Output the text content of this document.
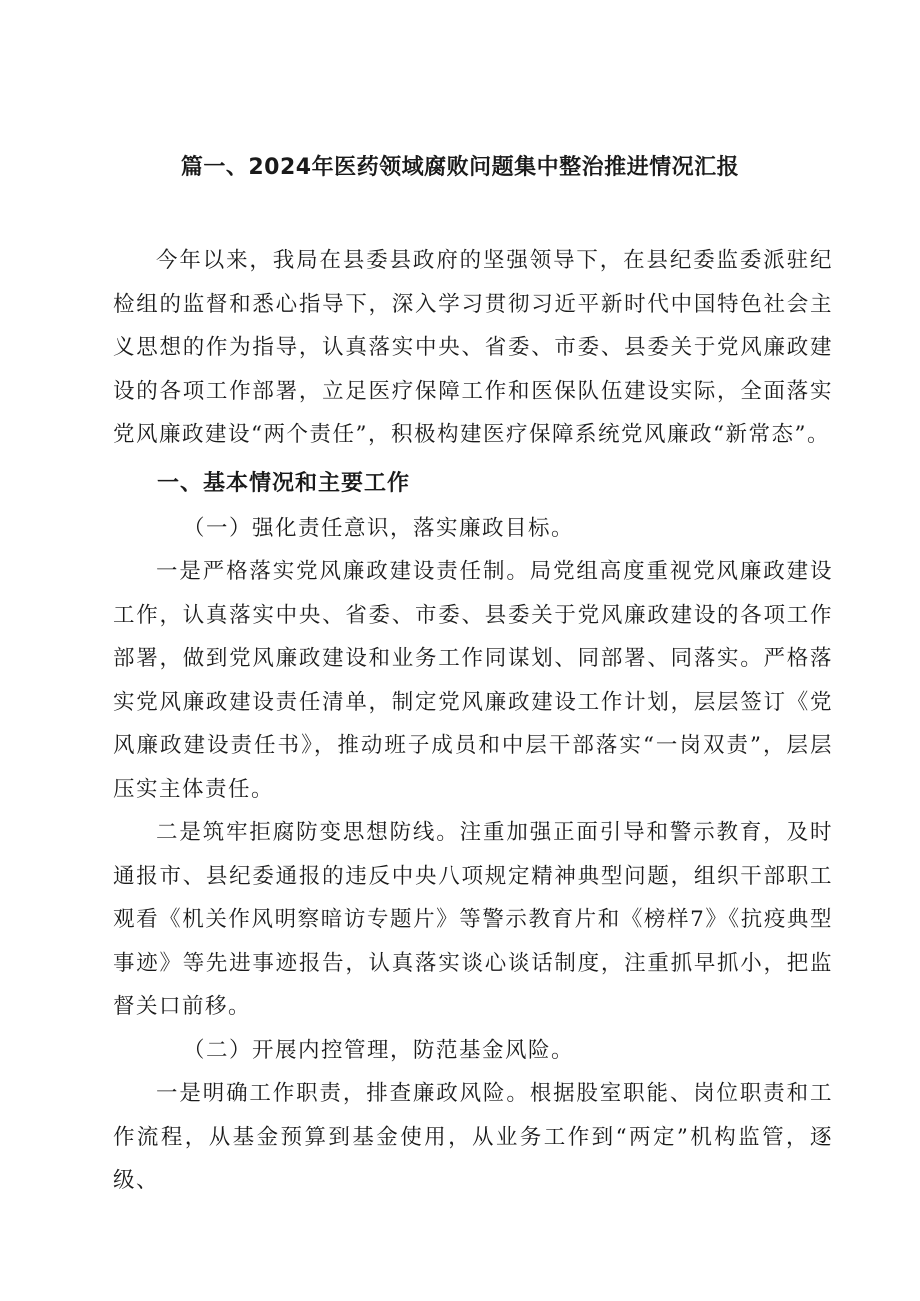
篇一、2024年医药领域腐败问题集中整治推进情况汇报

今年以来，我局在县委县政府的坚强领导下，在县纪委监委派驻纪检组的监督和悉心指导下，深入学习贯彻习近平新时代中国特色社会主义思想的作为指导，认真落实中央、省委、市委、县委关于党风廉政建设的各项工作部署，立足医疗保障工作和医保队伍建设实际，全面落实党风廉政建设“两个责任”，积极构建医疗保障系统党风廉政“新常态”。

一、基本情况和主要工作

（一）强化责任意识，落实廉政目标。

一是严格落实党风廉政建设责任制。局党组高度重视党风廉政建设工作，认真落实中央、省委、市委、县委关于党风廉政建设的各项工作部署，做到党风廉政建设和业务工作同谋划、同部署、同落实。严格落实党风廉政建设责任清单，制定党风廉政建设工作计划，层层签订《党风廉政建设责任书》，推动班子成员和中层干部落实“一岗双责”，层层压实主体责任。

二是筑牢拒腐防变思想防线。注重加强正面引导和警示教育，及时通报市、县纪委通报的违反中央八项规定精神典型问题，组织干部职工观看《机关作风明察暗访专题片》等警示教育片和《榜样7》《抗疫典型事迹》等先进事迹报告，认真落实谈心谈话制度，注重抓早抓小，把监督关口前移。

（二）开展内控管理，防范基金风险。

一是明确工作职责，排查廉政风险。根据股室职能、岗位职责和工作流程，从基金预算到基金使用，从业务工作到“两定”机构监管，逐级、
